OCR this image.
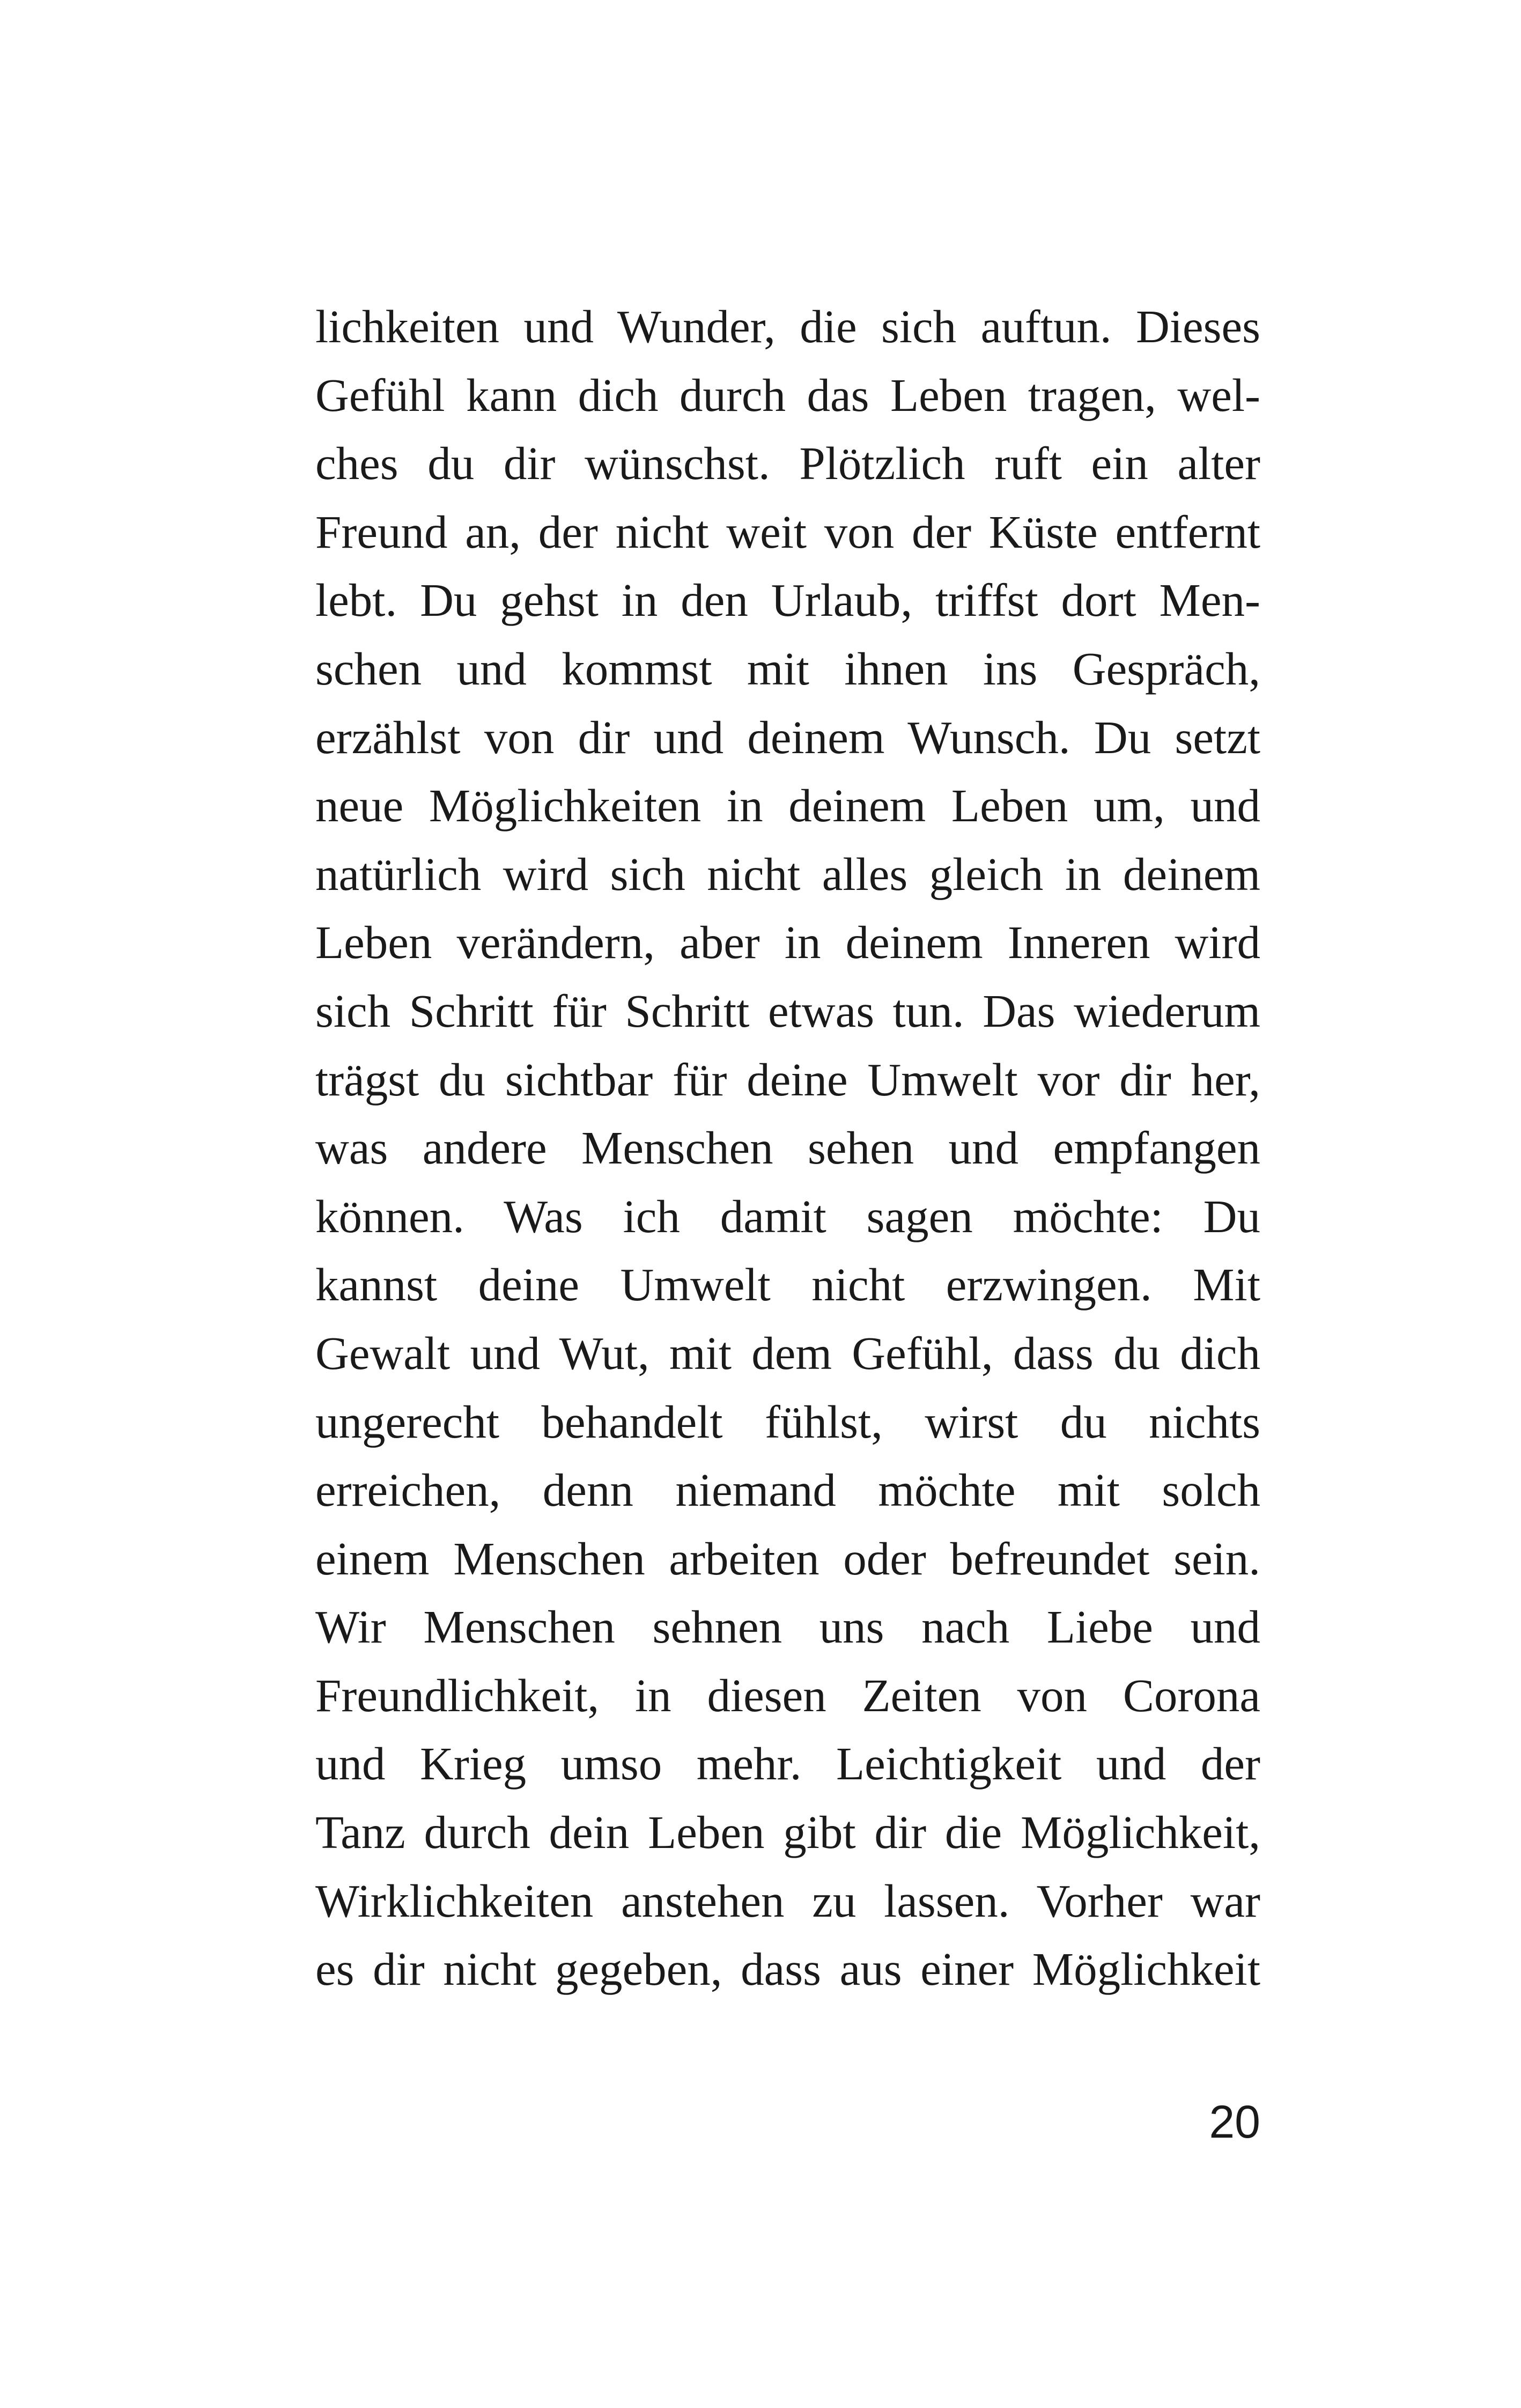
lichkeiten und Wunder, die sich auftun. Dieses
Gefühl kann dich durch das Leben tragen, wel-
ches du dir wünschst. Plötzlich ruft ein alter
Freund an, der nicht weit von der Küste entfernt
lebt. Du gehst in den Urlaub, triffst dort Men-
schen und kommst mit ihnen ins Gespräch,
erzählst von dir und deinem Wunsch. Du setzt
neue Möglichkeiten in deinem Leben um, und
natürlich wird sich nicht alles gleich in deinem
Leben verändern, aber in deinem Inneren wird
sich Schritt für Schritt etwas tun. Das wiederum
trägst du sichtbar für deine Umwelt vor dir her,
was andere Menschen sehen und empfangen
können. Was ich damit sagen möchte: Du
kannst deine Umwelt nicht erzwingen. Mit
Gewalt und Wut, mit dem Gefühl, dass du dich
ungerecht behandelt fühlst, wirst du nichts
erreichen, denn niemand möchte mit solch
einem Menschen arbeiten oder befreundet sein.
Wir Menschen sehnen uns nach Liebe und
Freundlichkeit, in diesen Zeiten von Corona
und Krieg umso mehr. Leichtigkeit und der
Tanz durch dein Leben gibt dir die Möglichkeit,
Wirklichkeiten anstehen zu lassen. Vorher war
es dir nicht gegeben, dass aus einer Möglichkeit
20
